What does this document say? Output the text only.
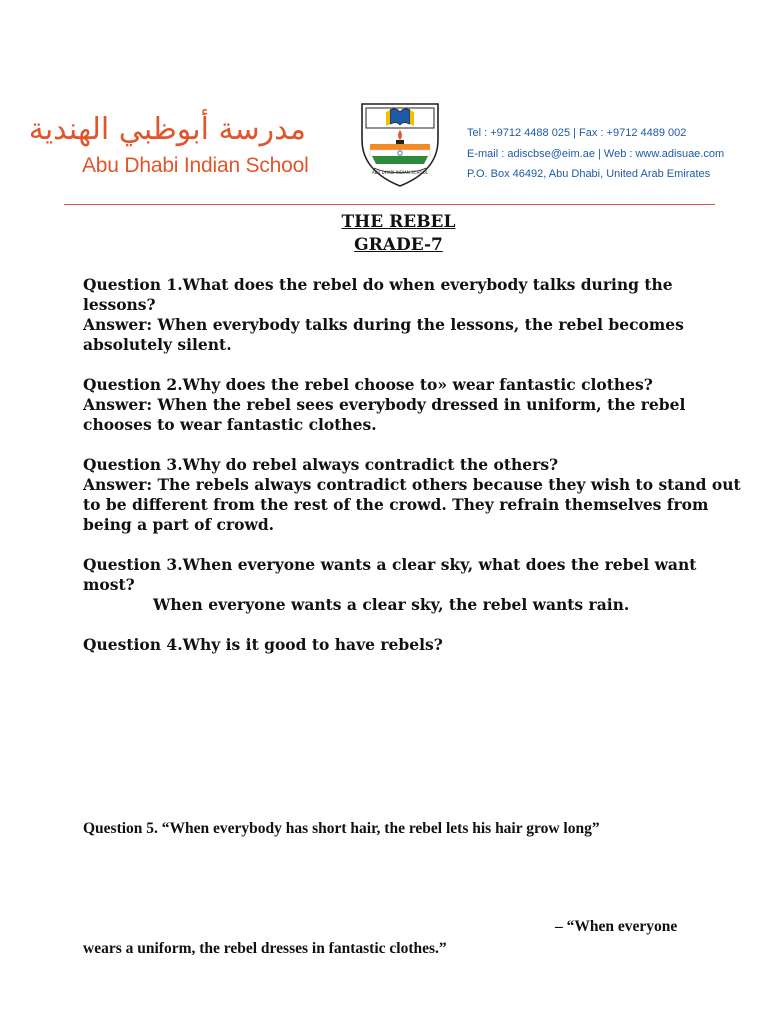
مدرسة أبوظبي الهندية
Abu Dhabi Indian School	ABU DHABI INDIAN SCHOOL
Tel : +9712 4488 025 | Fax : +9712 4489 002
E-mail : adiscbse@eim.ae | Web : www.adisuae.com
P.O. Box 46492, Abu Dhabi, United Arab Emirates
THE REBEL
GRADE-7
Question 1.What does the rebel do when everybody talks during the
lessons?
Answer: When everybody talks during the lessons, the rebel becomes
absolutely silent.
Question 2.Why does the rebel choose to» wear fantastic clothes?
Answer: When the rebel sees everybody dressed in uniform, the rebel
chooses to wear fantastic clothes.
Question 3.Why do rebel always contradict the others?
Answer: The rebels always contradict others because they wish to stand out
to be different from the rest of the crowd. They refrain themselves from
being a part of crowd.
Question 3.When everyone wants a clear sky, what does the rebel want
most?
When everyone wants a clear sky, the rebel wants rain.
Question 4.Why is it good to have rebels?
Question 5. “When everybody has short hair, the rebel lets his hair grow long”
– “When everyone
wears a uniform, the rebel dresses in fantastic clothes.”
